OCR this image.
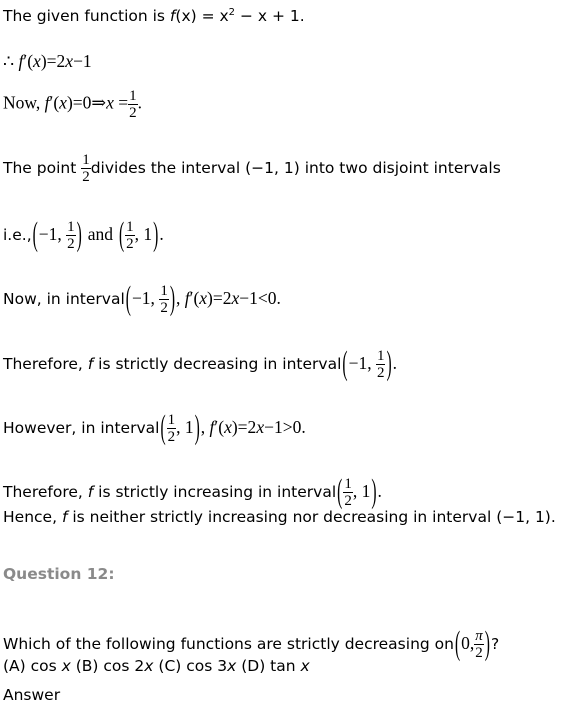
The given function is $f(x) = x^2 - x + 1$.
∴ f′(x)=2x−1
Now, f′(x)=0⇒x = $\frac{1}{2}$ .
The point $\frac{1}{2}$ divides the interval (−1, 1) into two disjoint intervals
i.e.,(−1, $\frac{1}{2}$ ) and ( $\frac{1}{2}$ , 1).
Now, in interval(−1, $\frac{1}{2}$ ), f′(x)=2x−1<0.
Therefore, f is strictly decreasing in interval(−1, $\frac{1}{2}$ ).
However, in interval( $\frac{1}{2}$ , 1), f′(x)=2x−1>0.
Therefore, f is strictly increasing in interval( $\frac{1}{2}$ , 1).
Hence, f is neither strictly increasing nor decreasing in interval (−1, 1).
Question 12:
Which of the following functions are strictly decreasing on(0, $\frac{\pi}{2}$ )?
(A) cos x (B) cos 2x (C) cos 3x (D) tan x
Answer
